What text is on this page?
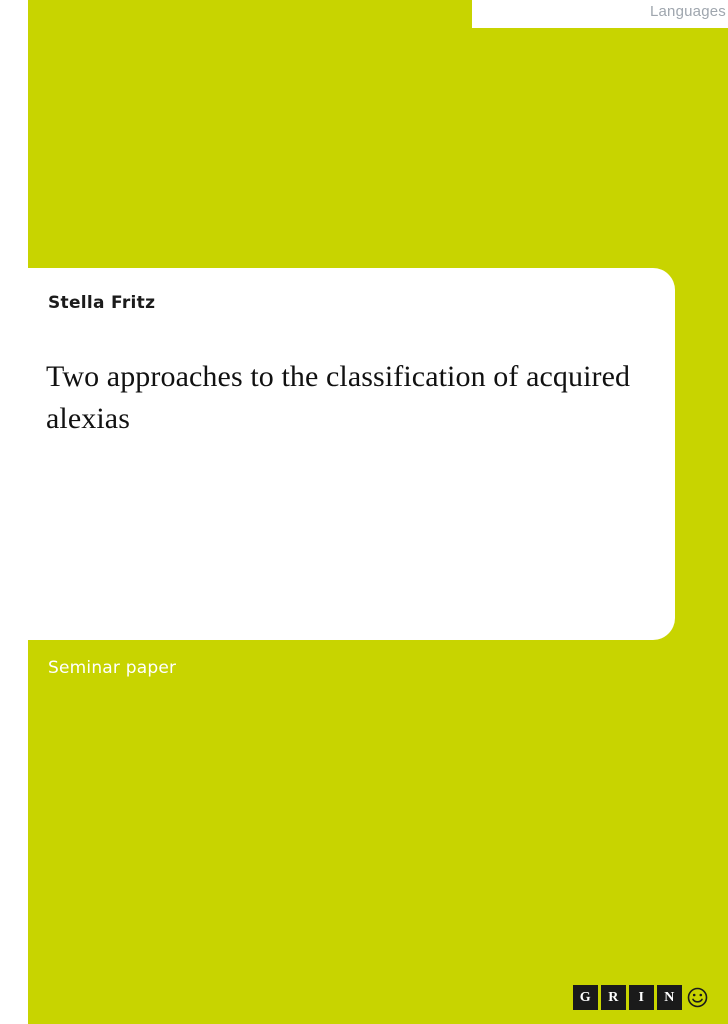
Languages
Stella Fritz
Two approaches to the classification of acquired alexias
Seminar paper
G	R	I	N
